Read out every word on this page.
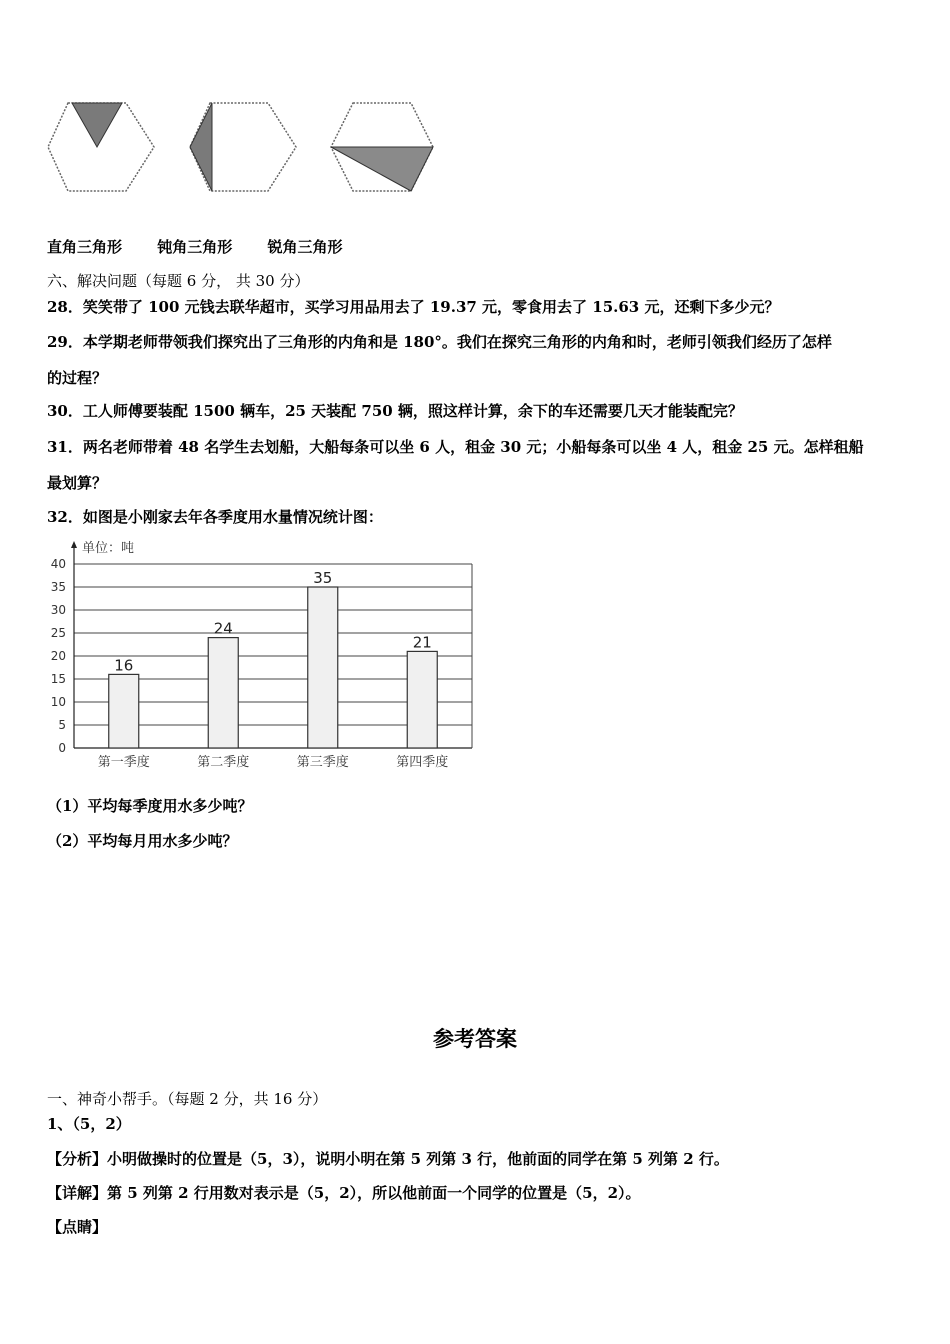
直角三角形 钝角三角形 锐角三角形
六、解决问题（每题 6 分， 共 30 分）
28．笑笑带了 100 元钱去联华超市，买学习用品用去了 19.37 元，零食用去了 15.63 元，还剩下多少元？
29．本学期老师带领我们探究出了三角形的内角和是 180°。我们在探究三角形的内角和时，老师引领我们经历了怎样
的过程？
30．工人师傅要装配 1500 辆车，25 天装配 750 辆，照这样计算，余下的车还需要几天才能装配完？
31．两名老师带着 48 名学生去划船，大船每条可以坐 6 人，租金 30 元；小船每条可以坐 4 人，租金 25 元。怎样租船
最划算？
32．如图是小刚家去年各季度用水量情况统计图：
0
5
10
15
20
25
30
35
40
单位：吨
16
第一季度
24
第二季度
35
第三季度
21
第四季度
（1）平均每季度用水多少吨？
（2）平均每月用水多少吨？
参考答案
一、神奇小帮手。（每题 2 分，共 16 分）
1、（5，2）
【分析】小明做操时的位置是（5，3），说明小明在第 5 列第 3 行，他前面的同学在第 5 列第 2 行。
【详解】第 5 列第 2 行用数对表示是（5，2），所以他前面一个同学的位置是（5，2）。
【点睛】
